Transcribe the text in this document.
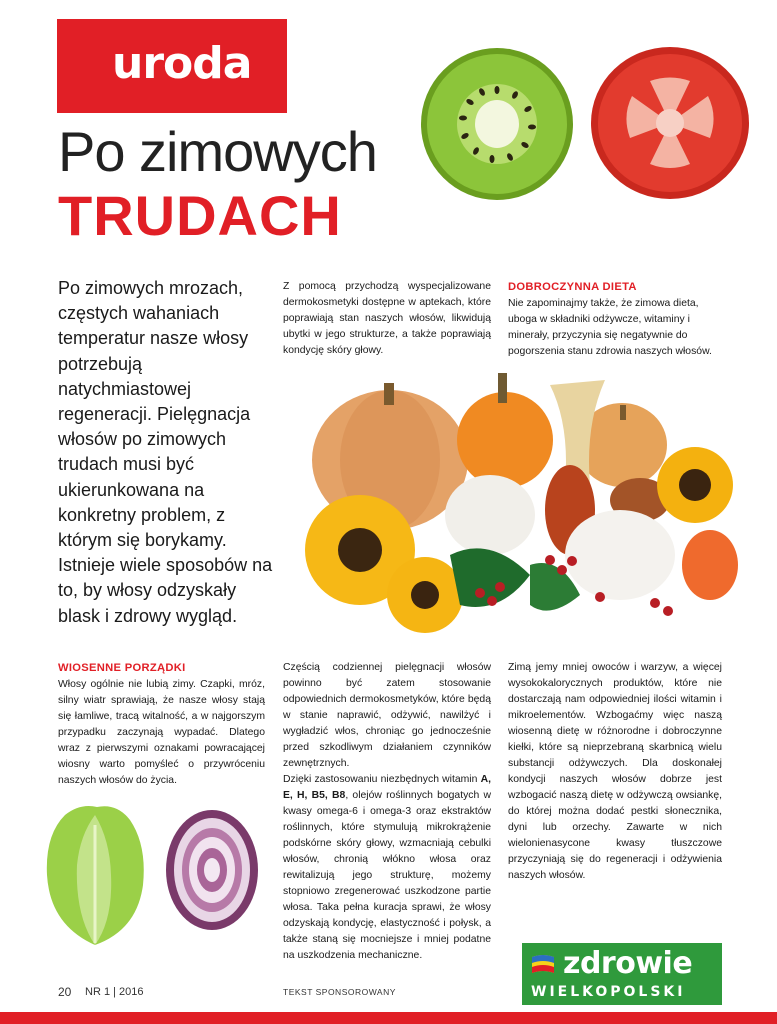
uroda
Po zimowych
TRUDACH

Po zimowych mrozach, częstych wahaniach temperatur nasze włosy potrzebują natychmiastowej regeneracji. Pielęgnacja włosów po zimowych trudach musi być ukierunkowana na konkretny problem, z którym się borykamy. Istnieje wiele sposobów na to, by włosy odzyskały blask i zdrowy wygląd.

Z pomocą przychodzą wyspecjalizowane dermokosmetyki dostępne w aptekach, które poprawiają stan naszych włosów, likwidują ubytki w jego strukturze, a także poprawiają kondycję skóry głowy.

DOBROCZYNNA DIETA

Nie zapominajmy także, że zimowa dieta, uboga w składniki odżywcze, witaminy i minerały, przyczynia się negatywnie do pogorszenia stanu zdrowia naszych włosów.

WIOSENNE PORZĄDKI

Włosy ogólnie nie lubią zimy. Czapki, mróz, silny wiatr sprawiają, że nasze włosy stają się łamliwe, tracą witalność, a w najgorszym przypadku zaczynają wypadać. Dlatego wraz z pierwszymi oznakami powracającej wiosny warto pomyśleć o przywróceniu naszych włosów do życia.

Częścią codziennej pielęgnacji włosów powinno być zatem stosowanie odpowiednich dermokosmetyków, które będą w stanie naprawić, odżywić, nawilżyć i wygładzić włos, chroniąc go jednocześnie przed szkodliwym działaniem czynników zewnętrznych.

Dzięki zastosowaniu niezbędnych witamin A, E, H, B5, B8, olejów roślinnych bogatych w kwasy omega-6 i omega-3 oraz ekstraktów roślinnych, które stymulują mikrokrążenie podskórne skóry głowy, wzmacniają cebulki włosów, chronią włókno włosa oraz rewitalizują jego strukturę, możemy stopniowo zregenerować uszkodzone partie włosa. Taka pełna kuracja sprawi, że włosy odzyskają kondycję, elastyczność i połysk, a także staną się mocniejsze i mniej podatne na uszkodzenia mechaniczne.

Zimą jemy mniej owoców i warzyw, a więcej wysokokalorycznych produktów, które nie dostarczają nam odpowiedniej ilości witamin i mikroelementów. Wzbogaćmy więc naszą wiosenną dietę w różnorodne i dobroczynne kiełki, które są nieprzebraną skarbnicą wielu substancji odżywczych. Dla doskonałej kondycji naszych włosów dobrze jest wzbogacić naszą dietę w odżywczą owsiankę, do której można dodać pestki słonecznika, dyni lub orzechy. Zawarte w nich wielonienasycone kwasy tłuszczowe przyczyniają się do regeneracji i odżywienia naszych włosów.

20 NR 1 | 2016	TEKST SPONSOROWANY
zdrowie
WIELKOPOLSKI
